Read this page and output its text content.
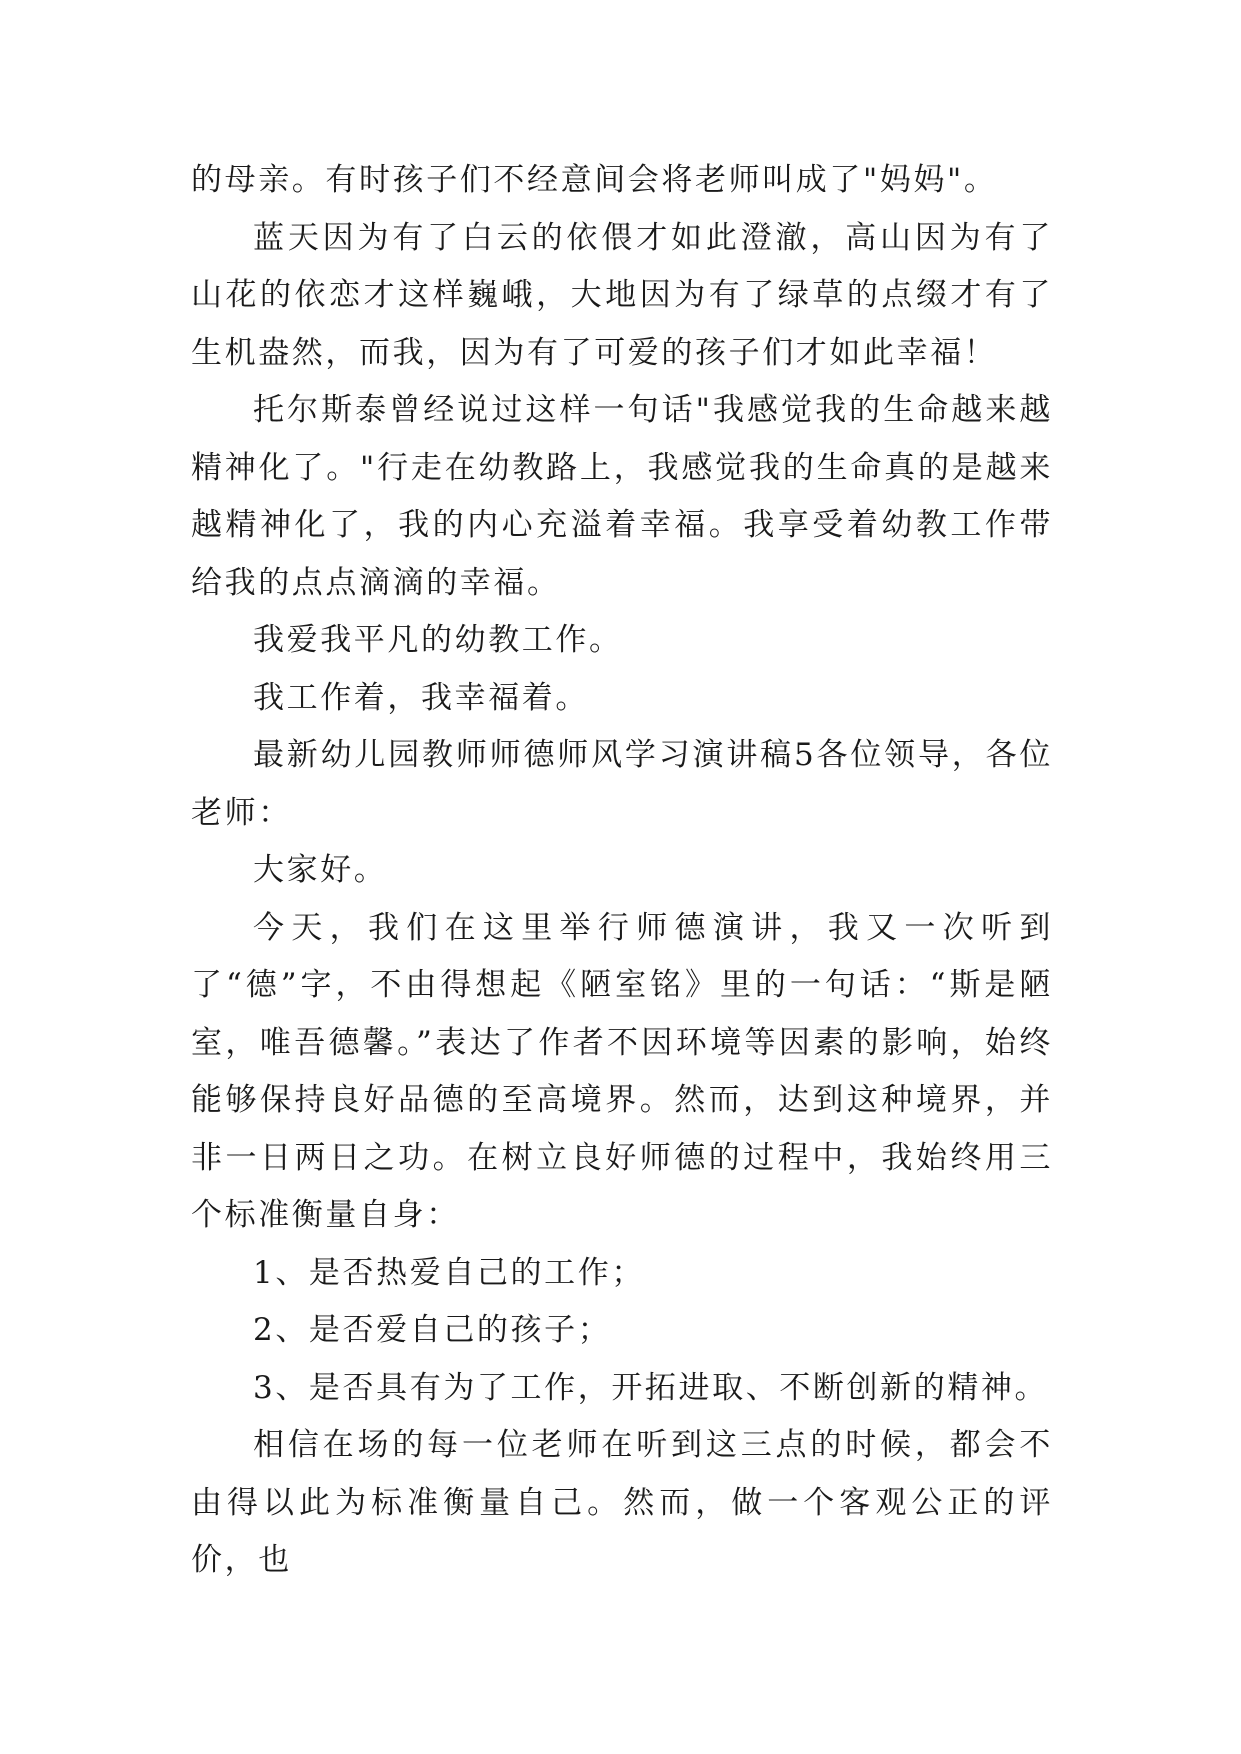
的母亲。有时孩子们不经意间会将老师叫成了"妈妈"。

蓝天因为有了白云的依偎才如此澄澈，高山因为有了山花的依恋才这样巍峨，大地因为有了绿草的点缀才有了生机盎然，而我，因为有了可爱的孩子们才如此幸福！

托尔斯泰曾经说过这样一句话"我感觉我的生命越来越精神化了。"行走在幼教路上，我感觉我的生命真的是越来越精神化了，我的内心充溢着幸福。我享受着幼教工作带给我的点点滴滴的幸福。

我爱我平凡的幼教工作。

我工作着，我幸福着。

最新幼儿园教师师德师风学习演讲稿5各位领导，各位老师：

大家好。

今天，我们在这里举行师德演讲，我又一次听到了“德”字，不由得想起《陋室铭》里的一句话：“斯是陋室，唯吾德馨。”表达了作者不因环境等因素的影响，始终能够保持良好品德的至高境界。然而，达到这种境界，并非一日两日之功。在树立良好师德的过程中，我始终用三个标准衡量自身：

1、是否热爱自己的工作；

2、是否爱自己的孩子；

3、是否具有为了工作，开拓进取、不断创新的精神。

相信在场的每一位老师在听到这三点的时候，都会不由得以此为标准衡量自己。然而，做一个客观公正的评价，也
